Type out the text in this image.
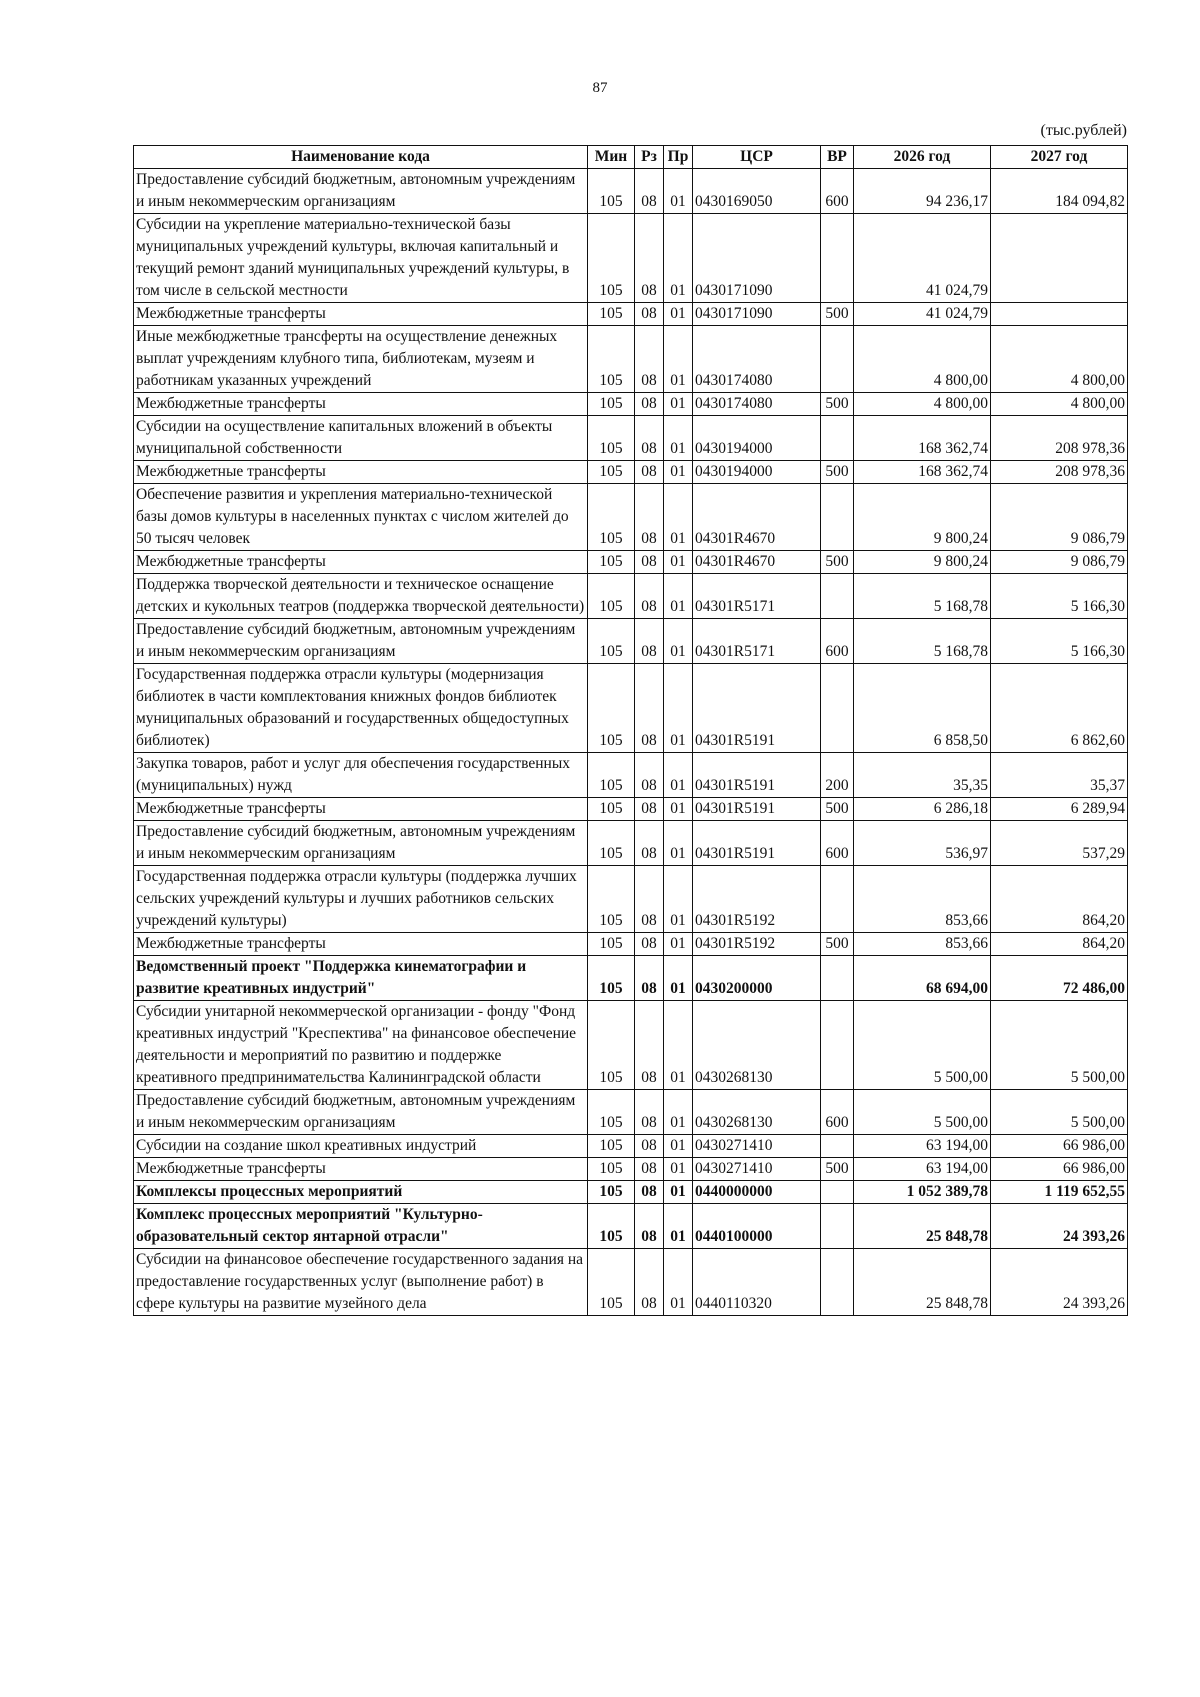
87
(тыс.рублей)
Наименование кода	Мин	Рз	Пр	ЦСР	ВР	2026 год	2027 год
Предоставление субсидий бюджетным, автономным учреждениям и иным некоммерческим организациям	105	08	01	0430169050	600	94 236,17	184 094,82
Субсидии на укрепление материально-технической базы муниципальных учреждений культуры, включая капитальный и текущий ремонт зданий муниципальных учреждений культуры, в том числе в сельской местности	105	08	01	0430171090		41 024,79	
Межбюджетные трансферты	105	08	01	0430171090	500	41 024,79	
Иные межбюджетные трансферты на осуществление денежных выплат учреждениям клубного типа, библиотекам, музеям и работникам указанных учреждений	105	08	01	0430174080		4 800,00	4 800,00
Межбюджетные трансферты	105	08	01	0430174080	500	4 800,00	4 800,00
Субсидии на осуществление капитальных вложений в объекты муниципальной собственности	105	08	01	0430194000		168 362,74	208 978,36
Межбюджетные трансферты	105	08	01	0430194000	500	168 362,74	208 978,36
Обеспечение развития и укрепления материально-технической базы домов культуры в населенных пунктах с числом жителей до 50 тысяч человек	105	08	01	04301R4670		9 800,24	9 086,79
Межбюджетные трансферты	105	08	01	04301R4670	500	9 800,24	9 086,79
Поддержка творческой деятельности и техническое оснащение детских и кукольных театров (поддержка творческой деятельности)	105	08	01	04301R5171		5 168,78	5 166,30
Предоставление субсидий бюджетным, автономным учреждениям и иным некоммерческим организациям	105	08	01	04301R5171	600	5 168,78	5 166,30
Государственная поддержка отрасли культуры (модернизация библиотек в части комплектования книжных фондов библиотек муниципальных образований и государственных общедоступных библиотек)	105	08	01	04301R5191		6 858,50	6 862,60
Закупка товаров, работ и услуг для обеспечения государственных (муниципальных) нужд	105	08	01	04301R5191	200	35,35	35,37
Межбюджетные трансферты	105	08	01	04301R5191	500	6 286,18	6 289,94
Предоставление субсидий бюджетным, автономным учреждениям и иным некоммерческим организациям	105	08	01	04301R5191	600	536,97	537,29
Государственная поддержка отрасли культуры (поддержка лучших сельских учреждений культуры и лучших работников сельских учреждений культуры)	105	08	01	04301R5192		853,66	864,20
Межбюджетные трансферты	105	08	01	04301R5192	500	853,66	864,20
Ведомственный проект "Поддержка кинематографии и развитие креативных индустрий"	105	08	01	0430200000		68 694,00	72 486,00
Субсидии унитарной некоммерческой организации - фонду "Фонд креативных индустрий "Креспектива" на финансовое обеспечение деятельности и мероприятий по развитию и поддержке креативного предпринимательства Калининградской области	105	08	01	0430268130		5 500,00	5 500,00
Предоставление субсидий бюджетным, автономным учреждениям и иным некоммерческим организациям	105	08	01	0430268130	600	5 500,00	5 500,00
Субсидии на создание школ креативных индустрий	105	08	01	0430271410		63 194,00	66 986,00
Межбюджетные трансферты	105	08	01	0430271410	500	63 194,00	66 986,00
Комплексы процессных мероприятий	105	08	01	0440000000		1 052 389,78	1 119 652,55
Комплекс процессных мероприятий "Культурно-образовательный сектор янтарной отрасли"	105	08	01	0440100000		25 848,78	24 393,26
Субсидии на финансовое обеспечение государственного задания на предоставление государственных услуг (выполнение работ) в сфере культуры на развитие музейного дела	105	08	01	0440110320		25 848,78	24 393,26
